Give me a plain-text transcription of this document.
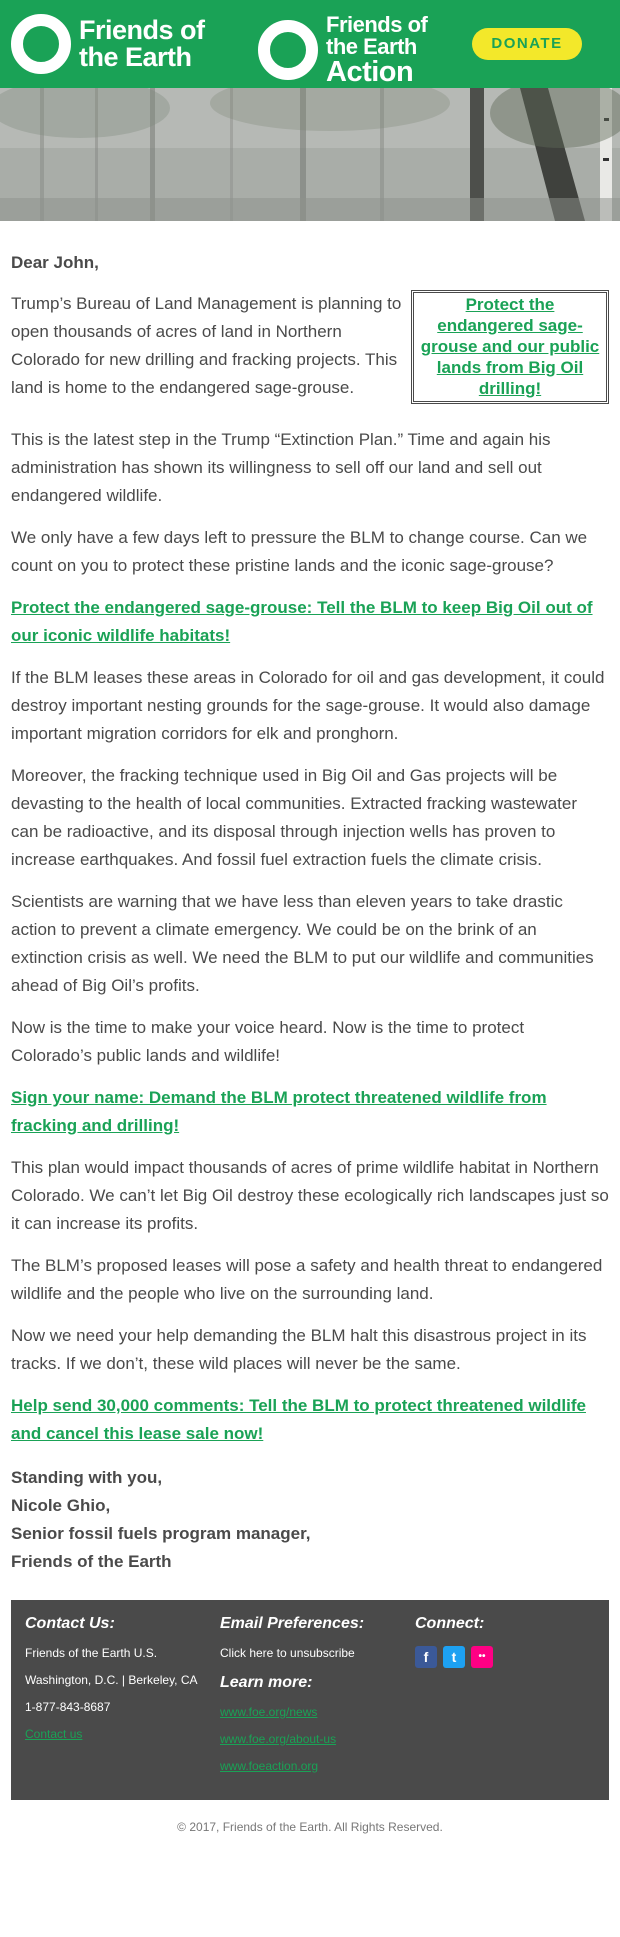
Friends of
the Earth
Friends of
the Earth
Action
DONATE
Dear John,
Protect the endangered sage-grouse and our public lands from Big Oil drilling!

Trump’s Bureau of Land Management is planning to open thousands of acres of land in Northern Colorado for new drilling and fracking projects. This land is home to the endangered sage-grouse.

This is the latest step in the Trump “Extinction Plan.” Time and again his administration has shown its willingness to sell off our land and sell out endangered wildlife.

We only have a few days left to pressure the BLM to change course. Can we count on you to protect these pristine lands and the iconic sage-grouse?

Protect the endangered sage-grouse: Tell the BLM to keep Big Oil out of our iconic wildlife habitats!

If the BLM leases these areas in Colorado for oil and gas development, it could destroy important nesting grounds for the sage-grouse. It would also damage important migration corridors for elk and pronghorn.

Moreover, the fracking technique used in Big Oil and Gas projects will be devasting to the health of local communities. Extracted fracking wastewater can be radioactive, and its disposal through injection wells has proven to increase earthquakes. And fossil fuel extraction fuels the climate crisis.

Scientists are warning that we have less than eleven years to take drastic action to prevent a climate emergency. We could be on the brink of an extinction crisis as well. We need the BLM to put our wildlife and communities ahead of Big Oil’s profits.

Now is the time to make your voice heard. Now is the time to protect Colorado’s public lands and wildlife!

Sign your name: Demand the BLM protect threatened wildlife from fracking and drilling!

This plan would impact thousands of acres of prime wildlife habitat in Northern Colorado. We can’t let Big Oil destroy these ecologically rich landscapes just so it can increase its profits.

The BLM’s proposed leases will pose a safety and health threat to endangered wildlife and the people who live on the surrounding land.

Now we need your help demanding the BLM halt this disastrous project in its tracks. If we don’t, these wild places will never be the same.

Help send 30,000 comments: Tell the BLM to protect threatened wildlife and cancel this lease sale now!
Standing with you,
Nicole Ghio,
Senior fossil fuels program manager,
Friends of the Earth
Contact Us:
Friends of the Earth U.S.
Washington, D.C. | Berkeley, CA
1-877-843-8687
Contact us
Email Preferences:
Click here to unsubscribe
Learn more:
www.foe.org/news
www.foe.org/about-us
www.foeaction.org
Connect:
f	t	••
© 2017, Friends of the Earth. All Rights Reserved.
